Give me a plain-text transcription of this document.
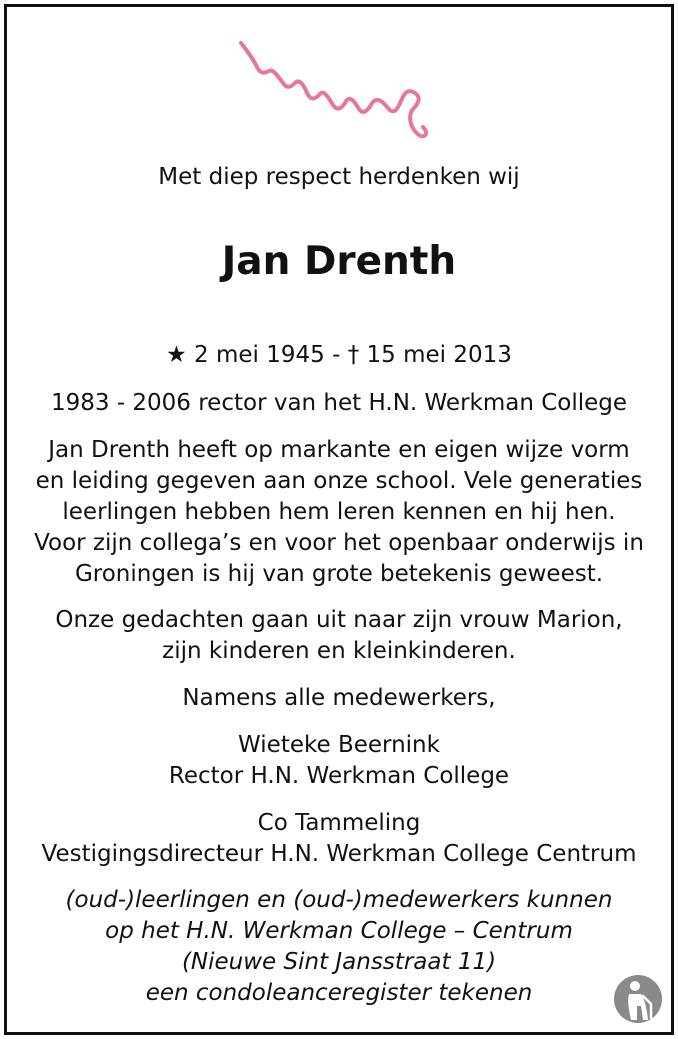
Met diep respect herdenken wij
Jan Drenth
★ 2 mei 1945 - † 15 mei 2013
1983 - 2006 rector van het H.N. Werkman College
Jan Drenth heeft op markante en eigen wijze vorm
en leiding gegeven aan onze school. Vele generaties
leerlingen hebben hem leren kennen en hij hen.
Voor zijn collega’s en voor het openbaar onderwijs in
Groningen is hij van grote betekenis geweest.
Onze gedachten gaan uit naar zijn vrouw Marion,
zijn kinderen en kleinkinderen.
Namens alle medewerkers,
Wieteke Beernink
Rector H.N. Werkman College
Co Tammeling
Vestigingsdirecteur H.N. Werkman College Centrum
(oud-)leerlingen en (oud-)medewerkers kunnen
op het H.N. Werkman College – Centrum
(Nieuwe Sint Jansstraat 11)
een condoleanceregister tekenen
